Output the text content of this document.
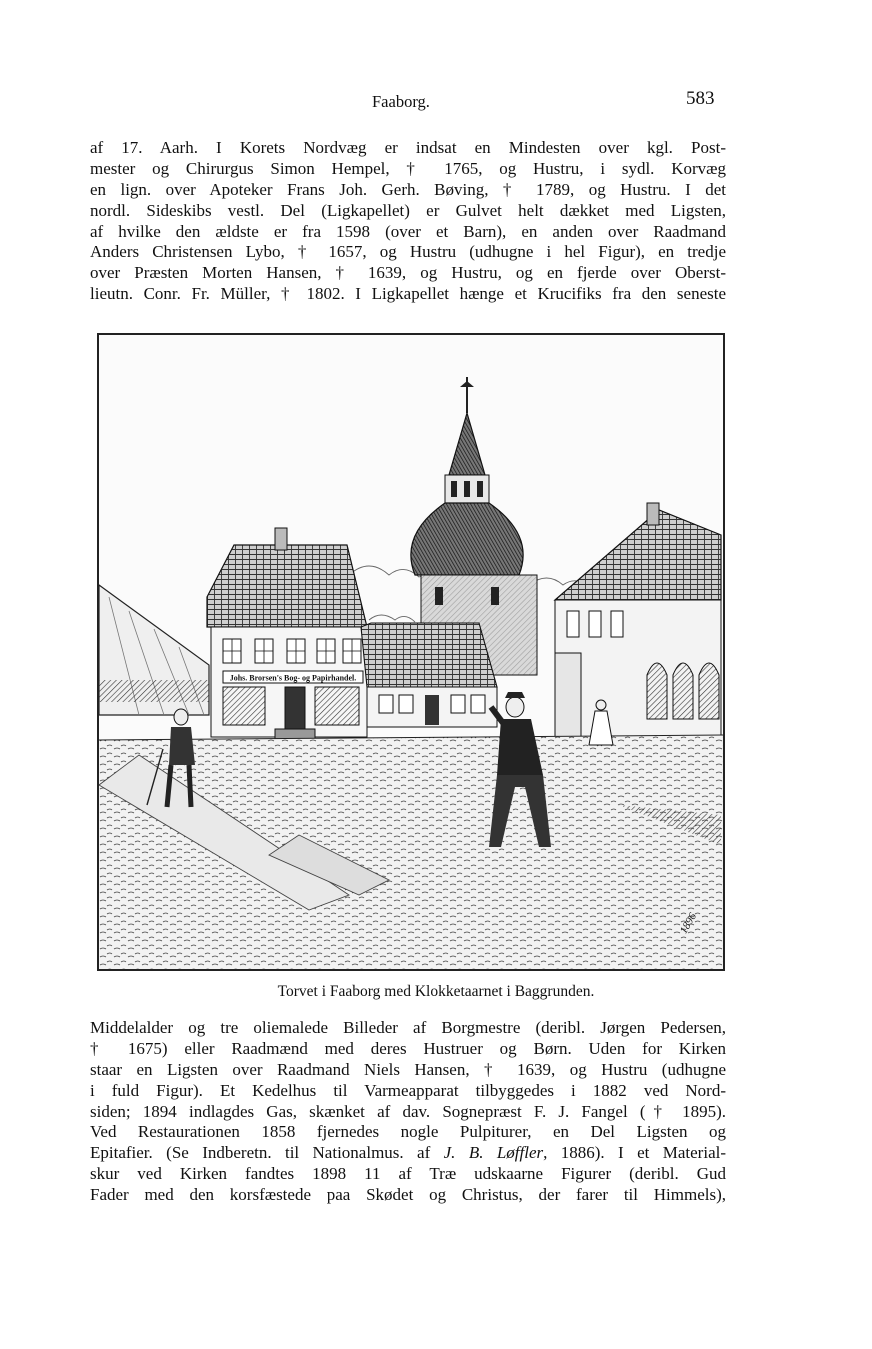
Faaborg.	583
af 17. Aarh. I Korets Nordvæg er indsat en Mindesten over kgl. Post-
mester og Chirurgus Simon Hempel, † 1765, og Hustru, i sydl. Korvæg
en lign. over Apoteker Frans Joh. Gerh. Bøving, † 1789, og Hustru. I det
nordl. Sideskibs vestl. Del (Ligkapellet) er Gulvet helt dækket med Ligsten,
af hvilke den ældste er fra 1598 (over et Barn), en anden over Raadmand
Anders Christensen Lybo, † 1657, og Hustru (udhugne i hel Figur), en tredje
over Præsten Morten Hansen, † 1639, og Hustru, og en fjerde over Oberst-
lieutn. Conr. Fr. Müller, † 1802. I Ligkapellet hænge et Krucifiks fra den seneste
Johs. Brorsen's Bog- og Papirhandel.
1896
Torvet i Faaborg med Klokketaarnet i Baggrunden.
Middelalder og tre oliemalede Billeder af Borgmestre (deribl. Jørgen Pedersen,
† 1675) eller Raadmænd med deres Hustruer og Børn. Uden for Kirken
staar en Ligsten over Raadmand Niels Hansen, † 1639, og Hustru (udhugne
i fuld Figur). Et Kedelhus til Varmeapparat tilbyggedes i 1882 ved Nord-
siden; 1894 indlagdes Gas, skænket af dav. Sognepræst F. J. Fangel († 1895).
Ved Restaurationen 1858 fjernedes nogle Pulpiturer, en Del Ligsten og
Epitafier. (Se Indberetn. til Nationalmus. af J. B. Løffler, 1886). I et Material-
skur ved Kirken fandtes 1898 11 af Træ udskaarne Figurer (deribl. Gud
Fader med den korsfæstede paa Skødet og Christus, der farer til Himmels),
